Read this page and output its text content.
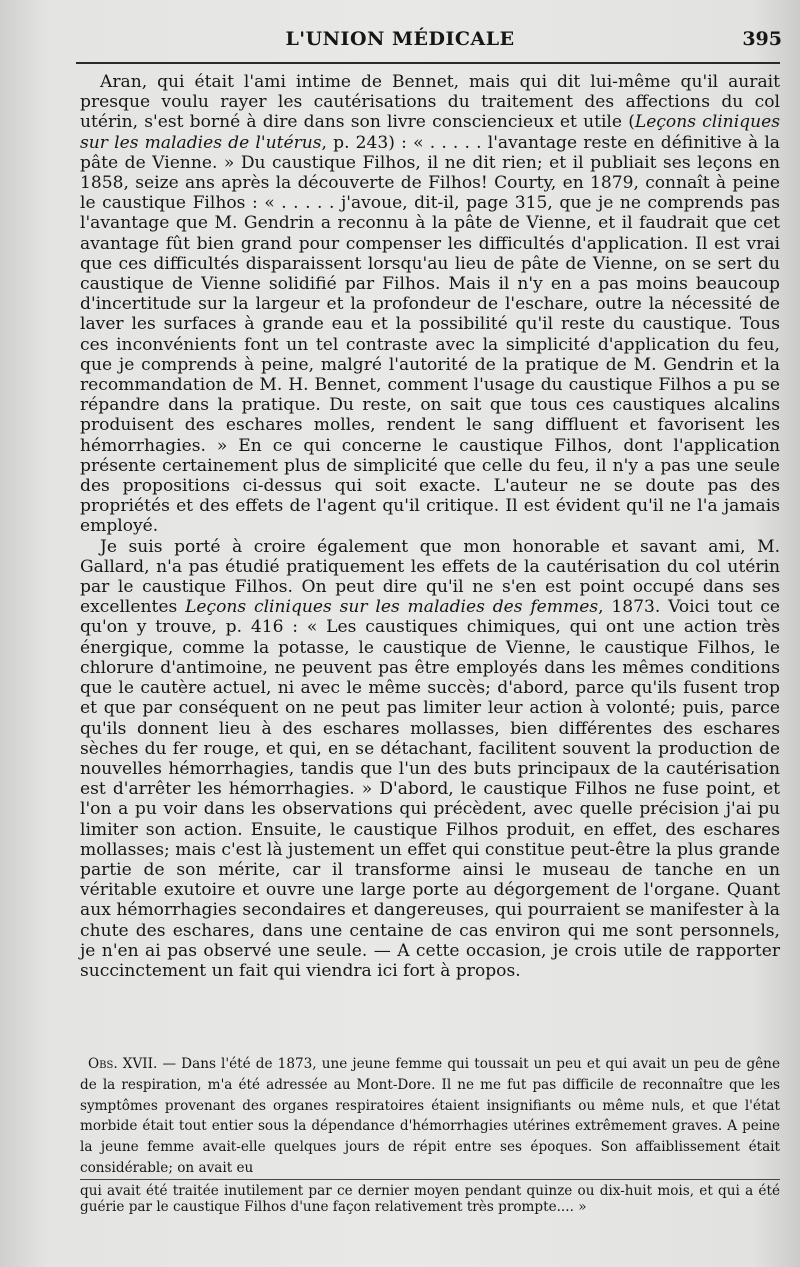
L'UNION MÉDICALE	395

Aran, qui était l'ami intime de Bennet, mais qui dit lui-même qu'il aurait presque voulu rayer les cautérisations du traitement des affections du col utérin, s'est borné à dire dans son livre consciencieux et utile (Leçons cliniques sur les maladies de l'utérus, p. 243) : « . . . . . l'avantage reste en définitive à la pâte de Vienne. » Du caustique Filhos, il ne dit rien; et il publiait ses leçons en 1858, seize ans après la découverte de Filhos! Courty, en 1879, connaît à peine le caustique Filhos : « . . . . . j'avoue, dit-il, page 315, que je ne comprends pas l'avantage que M. Gendrin a reconnu à la pâte de Vienne, et il faudrait que cet avantage fût bien grand pour compenser les difficultés d'application. Il est vrai que ces difficultés disparaissent lorsqu'au lieu de pâte de Vienne, on se sert du caustique de Vienne solidifié par Filhos. Mais il n'y en a pas moins beaucoup d'incertitude sur la largeur et la profondeur de l'eschare, outre la nécessité de laver les surfaces à grande eau et la possibilité qu'il reste du caustique. Tous ces inconvénients font un tel contraste avec la simplicité d'application du feu, que je comprends à peine, malgré l'autorité de la pratique de M. Gendrin et la recommandation de M. H. Bennet, comment l'usage du caustique Filhos a pu se répandre dans la pratique. Du reste, on sait que tous ces caustiques alcalins produisent des eschares molles, rendent le sang diffluent et favorisent les hémorrhagies. » En ce qui concerne le caustique Filhos, dont l'application présente certainement plus de simplicité que celle du feu, il n'y a pas une seule des propositions ci-dessus qui soit exacte. L'auteur ne se doute pas des propriétés et des effets de l'agent qu'il critique. Il est évident qu'il ne l'a jamais employé.

Je suis porté à croire également que mon honorable et savant ami, M. Gallard, n'a pas étudié pratiquement les effets de la cautérisation du col utérin par le caustique Filhos. On peut dire qu'il ne s'en est point occupé dans ses excellentes Leçons cliniques sur les maladies des femmes, 1873. Voici tout ce qu'on y trouve, p. 416 : « Les caustiques chimiques, qui ont une action très énergique, comme la potasse, le caustique de Vienne, le caustique Filhos, le chlorure d'antimoine, ne peuvent pas être employés dans les mêmes conditions que le cautère actuel, ni avec le même succès; d'abord, parce qu'ils fusent trop et que par conséquent on ne peut pas limiter leur action à volonté; puis, parce qu'ils donnent lieu à des eschares mollasses, bien différentes des eschares sèches du fer rouge, et qui, en se détachant, facilitent souvent la production de nouvelles hémorrhagies, tandis que l'un des buts principaux de la cautérisation est d'arrêter les hémorrhagies. » D'abord, le caustique Filhos ne fuse point, et l'on a pu voir dans les observations qui précèdent, avec quelle précision j'ai pu limiter son action. Ensuite, le caustique Filhos produit, en effet, des eschares mollasses; mais c'est là justement un effet qui constitue peut-être la plus grande partie de son mérite, car il transforme ainsi le museau de tanche en un véritable exutoire et ouvre une large porte au dégorgement de l'organe. Quant aux hémorrhagies secondaires et dangereuses, qui pourraient se manifester à la chute des eschares, dans une centaine de cas environ qui me sont personnels, je n'en ai pas observé une seule. — A cette occasion, je crois utile de rapporter succinctement un fait qui viendra ici fort à propos.

Obs. XVII. — Dans l'été de 1873, une jeune femme qui toussait un peu et qui avait un peu de gêne de la respiration, m'a été adressée au Mont-Dore. Il ne me fut pas difficile de reconnaître que les symptômes provenant des organes respiratoires étaient insignifiants ou même nuls, et que l'état morbide était tout entier sous la dépendance d'hémorrhagies utérines extrêmement graves. A peine la jeune femme avait-elle quelques jours de répit entre ses époques. Son affaiblissement était considérable; on avait eu

qui avait été traitée inutilement par ce dernier moyen pendant quinze ou dix-huit mois, et qui a été guérie par le caustique Filhos d'une façon relativement très prompte.... »
